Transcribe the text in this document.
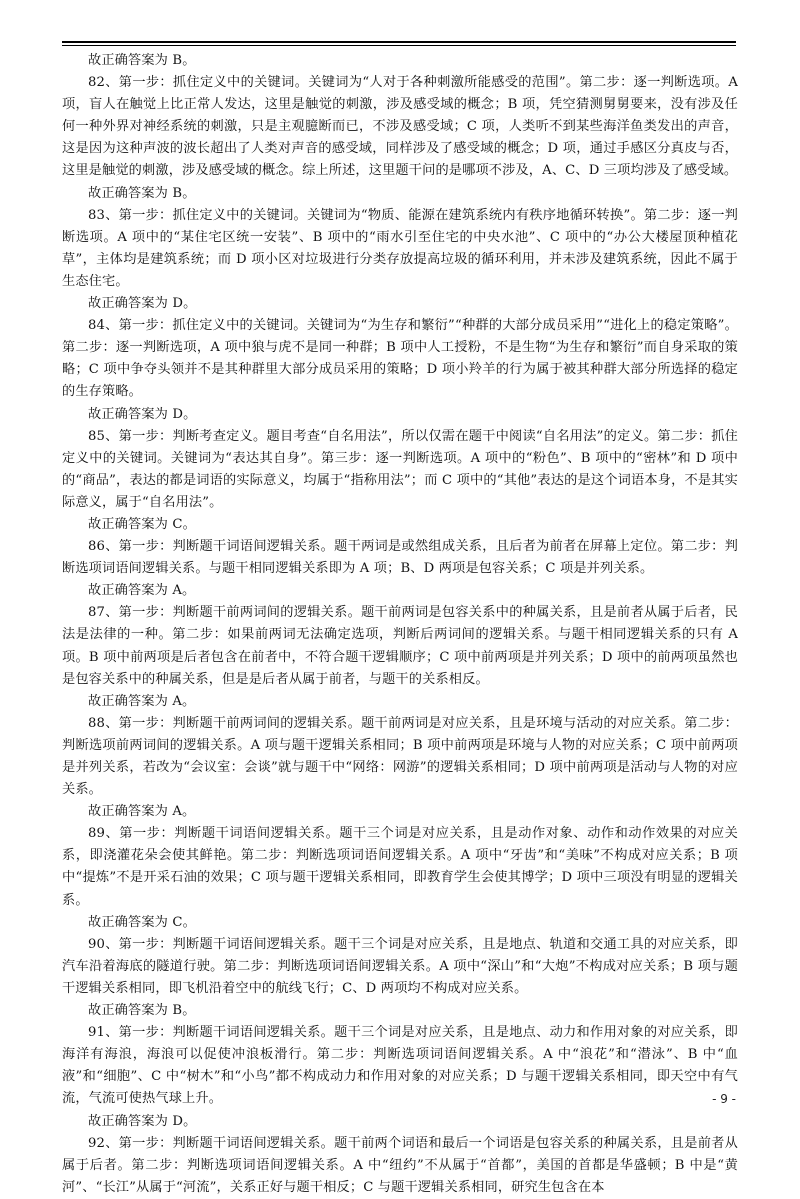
故正确答案为 B。

82、第一步：抓住定义中的关键词。关键词为“人对于各种刺激所能感受的范围”。第二步：逐一判断选项。A 项，盲人在触觉上比正常人发达，这里是触觉的刺激，涉及感受域的概念；B 项，凭空猜测舅舅要来，没有涉及任何一种外界对神经系统的刺激，只是主观臆断而已，不涉及感受域；C 项，人类听不到某些海洋鱼类发出的声音，这是因为这种声波的波长超出了人类对声音的感受域，同样涉及了感受域的概念；D 项，通过手感区分真皮与否，这里是触觉的刺激，涉及感受域的概念。综上所述，这里题干问的是哪项不涉及，A、C、D 三项均涉及了感受域。

故正确答案为 B。

83、第一步：抓住定义中的关键词。关键词为“物质、能源在建筑系统内有秩序地循环转换”。第二步：逐一判断选项。A 项中的“某住宅区统一安装”、B 项中的“雨水引至住宅的中央水池”、C 项中的“办公大楼屋顶种植花草”，主体均是建筑系统；而 D 项小区对垃圾进行分类存放提高垃圾的循环利用，并未涉及建筑系统，因此不属于生态住宅。

故正确答案为 D。

84、第一步：抓住定义中的关键词。关键词为“为生存和繁衍”“种群的大部分成员采用”“进化上的稳定策略”。第二步：逐一判断选项，A 项中狼与虎不是同一种群；B 项中人工授粉，不是生物“为生存和繁衍”而自身采取的策略；C 项中争夺头领并不是其种群里大部分成员采用的策略；D 项小羚羊的行为属于被其种群大部分所选择的稳定的生存策略。

故正确答案为 D。

85、第一步：判断考查定义。题目考查“自名用法”，所以仅需在题干中阅读“自名用法”的定义。第二步：抓住定义中的关键词。关键词为“表达其自身”。第三步：逐一判断选项。A 项中的“粉色”、B 项中的“密林”和 D 项中的“商品”，表达的都是词语的实际意义，均属于“指称用法”；而 C 项中的“其他”表达的是这个词语本身，不是其实际意义，属于“自名用法”。

故正确答案为 C。

86、第一步：判断题干词语间逻辑关系。题干两词是或然组成关系，且后者为前者在屏幕上定位。第二步：判断选项词语间逻辑关系。与题干相同逻辑关系即为 A 项；B、D 两项是包容关系；C 项是并列关系。

故正确答案为 A。

87、第一步：判断题干前两词间的逻辑关系。题干前两词是包容关系中的种属关系，且是前者从属于后者，民法是法律的一种。第二步：如果前两词无法确定选项，判断后两词间的逻辑关系。与题干相同逻辑关系的只有 A 项。B 项中前两项是后者包含在前者中，不符合题干逻辑顺序；C 项中前两项是并列关系；D 项中的前两项虽然也是包容关系中的种属关系，但是是后者从属于前者，与题干的关系相反。

故正确答案为 A。

88、第一步：判断题干前两词间的逻辑关系。题干前两词是对应关系，且是环境与活动的对应关系。第二步：判断选项前两词间的逻辑关系。A 项与题干逻辑关系相同；B 项中前两项是环境与人物的对应关系；C 项中前两项是并列关系，若改为“会议室：会谈”就与题干中“网络：网游”的逻辑关系相同；D 项中前两项是活动与人物的对应关系。

故正确答案为 A。

89、第一步：判断题干词语间逻辑关系。题干三个词是对应关系，且是动作对象、动作和动作效果的对应关系，即浇灌花朵会使其鲜艳。第二步：判断选项词语间逻辑关系。A 项中“牙齿”和“美味”不构成对应关系；B 项中“提炼”不是开采石油的效果；C 项与题干逻辑关系相同，即教育学生会使其博学；D 项中三项没有明显的逻辑关系。

故正确答案为 C。

90、第一步：判断题干词语间逻辑关系。题干三个词是对应关系，且是地点、轨道和交通工具的对应关系，即汽车沿着海底的隧道行驶。第二步：判断选项词语间逻辑关系。A 项中“深山”和“大炮”不构成对应关系；B 项与题干逻辑关系相同，即飞机沿着空中的航线飞行；C、D 两项均不构成对应关系。

故正确答案为 B。

91、第一步：判断题干词语间逻辑关系。题干三个词是对应关系，且是地点、动力和作用对象的对应关系，即海洋有海浪，海浪可以促使冲浪板滑行。第二步：判断选项词语间逻辑关系。A 中“浪花”和“潜泳”、B 中“血液”和“细胞”、C 中“树木”和“小鸟”都不构成动力和作用对象的对应关系；D 与题干逻辑关系相同，即天空中有气流，气流可使热气球上升。

故正确答案为 D。

92、第一步：判断题干词语间逻辑关系。题干前两个词语和最后一个词语是包容关系的种属关系，且是前者从属于后者。第二步：判断选项词语间逻辑关系。A 中“纽约”不从属于“首都”，美国的首都是华盛顿；B 中是“黄河”、“长江”从属于“河流”，关系正好与题干相反；C 与题干逻辑关系相同，研究生包含在本

- 9 -
